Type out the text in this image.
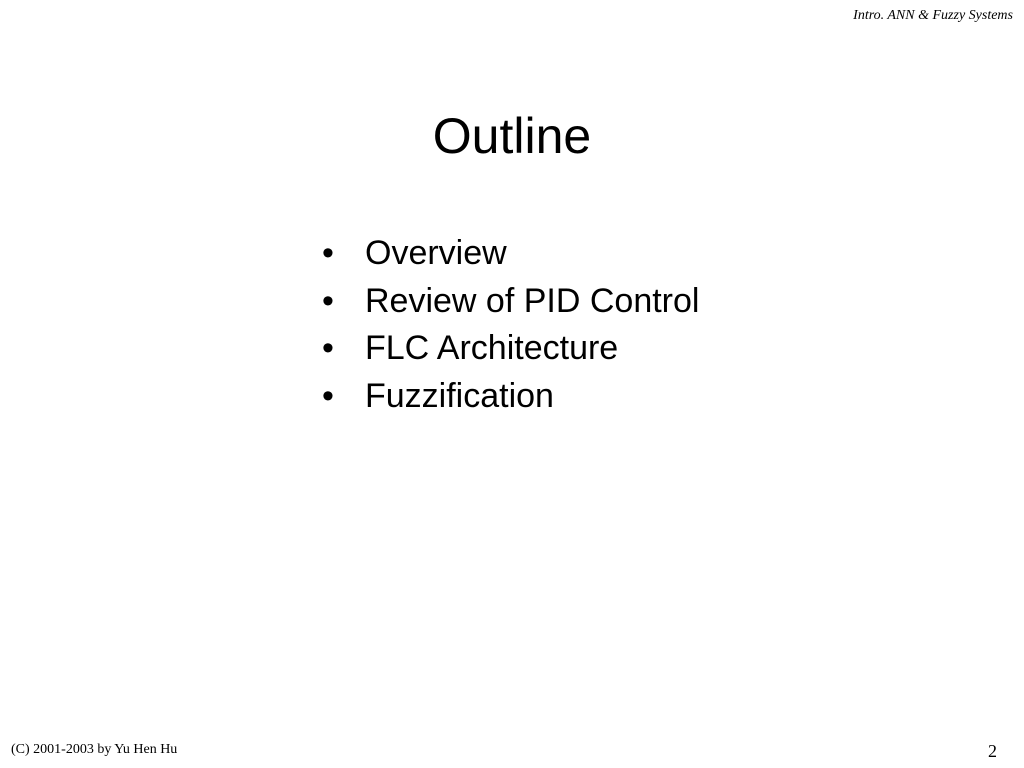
Intro. ANN & Fuzzy Systems
Outline
• Overview
• Review of PID Control
• FLC Architecture
• Fuzzification
(C) 2001-2003 by Yu Hen Hu	2
